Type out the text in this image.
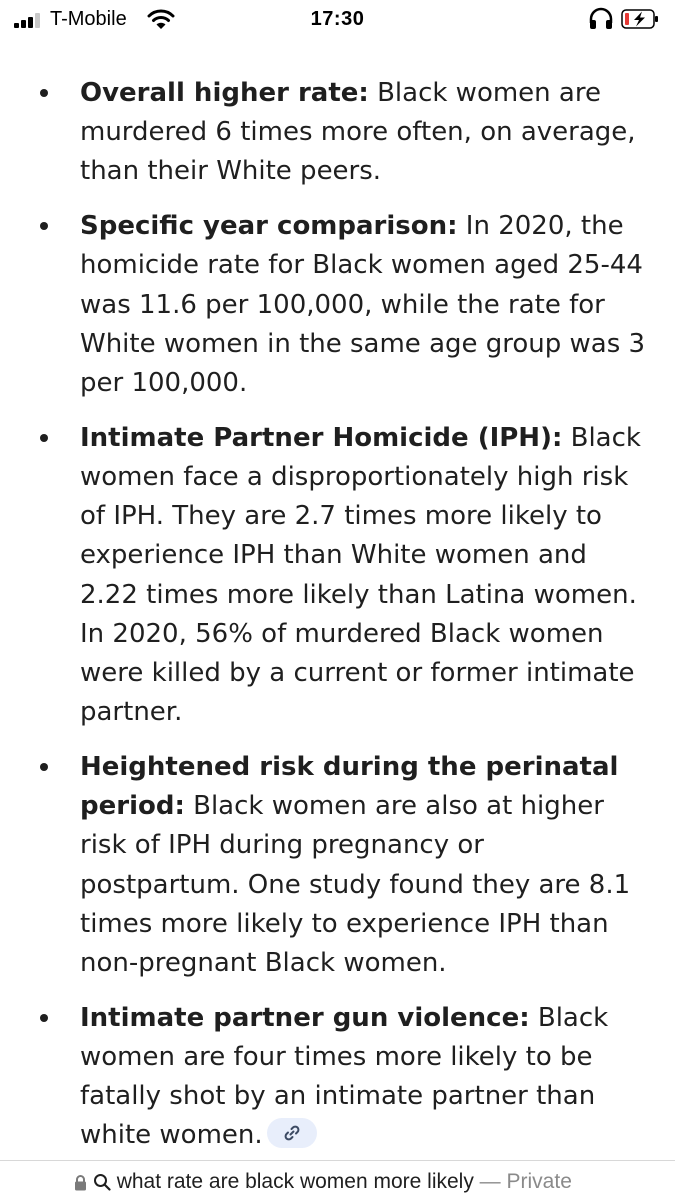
T-Mobile	17:30
Overall higher rate: Black women are murdered 6 times more often, on average, than their White peers.
Specific year comparison: In 2020, the homicide rate for Black women aged 25-44 was 11.6 per 100,000, while the rate for White women in the same age group was 3 per 100,000.
Intimate Partner Homicide (IPH): Black women face a disproportionately high risk of IPH. They are 2.7 times more likely to experience IPH than White women and 2.22 times more likely than Latina women. In 2020, 56% of murdered Black women were killed by a current or former intimate partner.
Heightened risk during the perinatal period: Black women are also at higher risk of IPH during pregnancy or postpartum. One study found they are 8.1 times more likely to experience IPH than non-pregnant Black women.
Intimate partner gun violence: Black women are four times more likely to be fatally shot by an intimate partner than white women.
what rate are black women more likely — Private
